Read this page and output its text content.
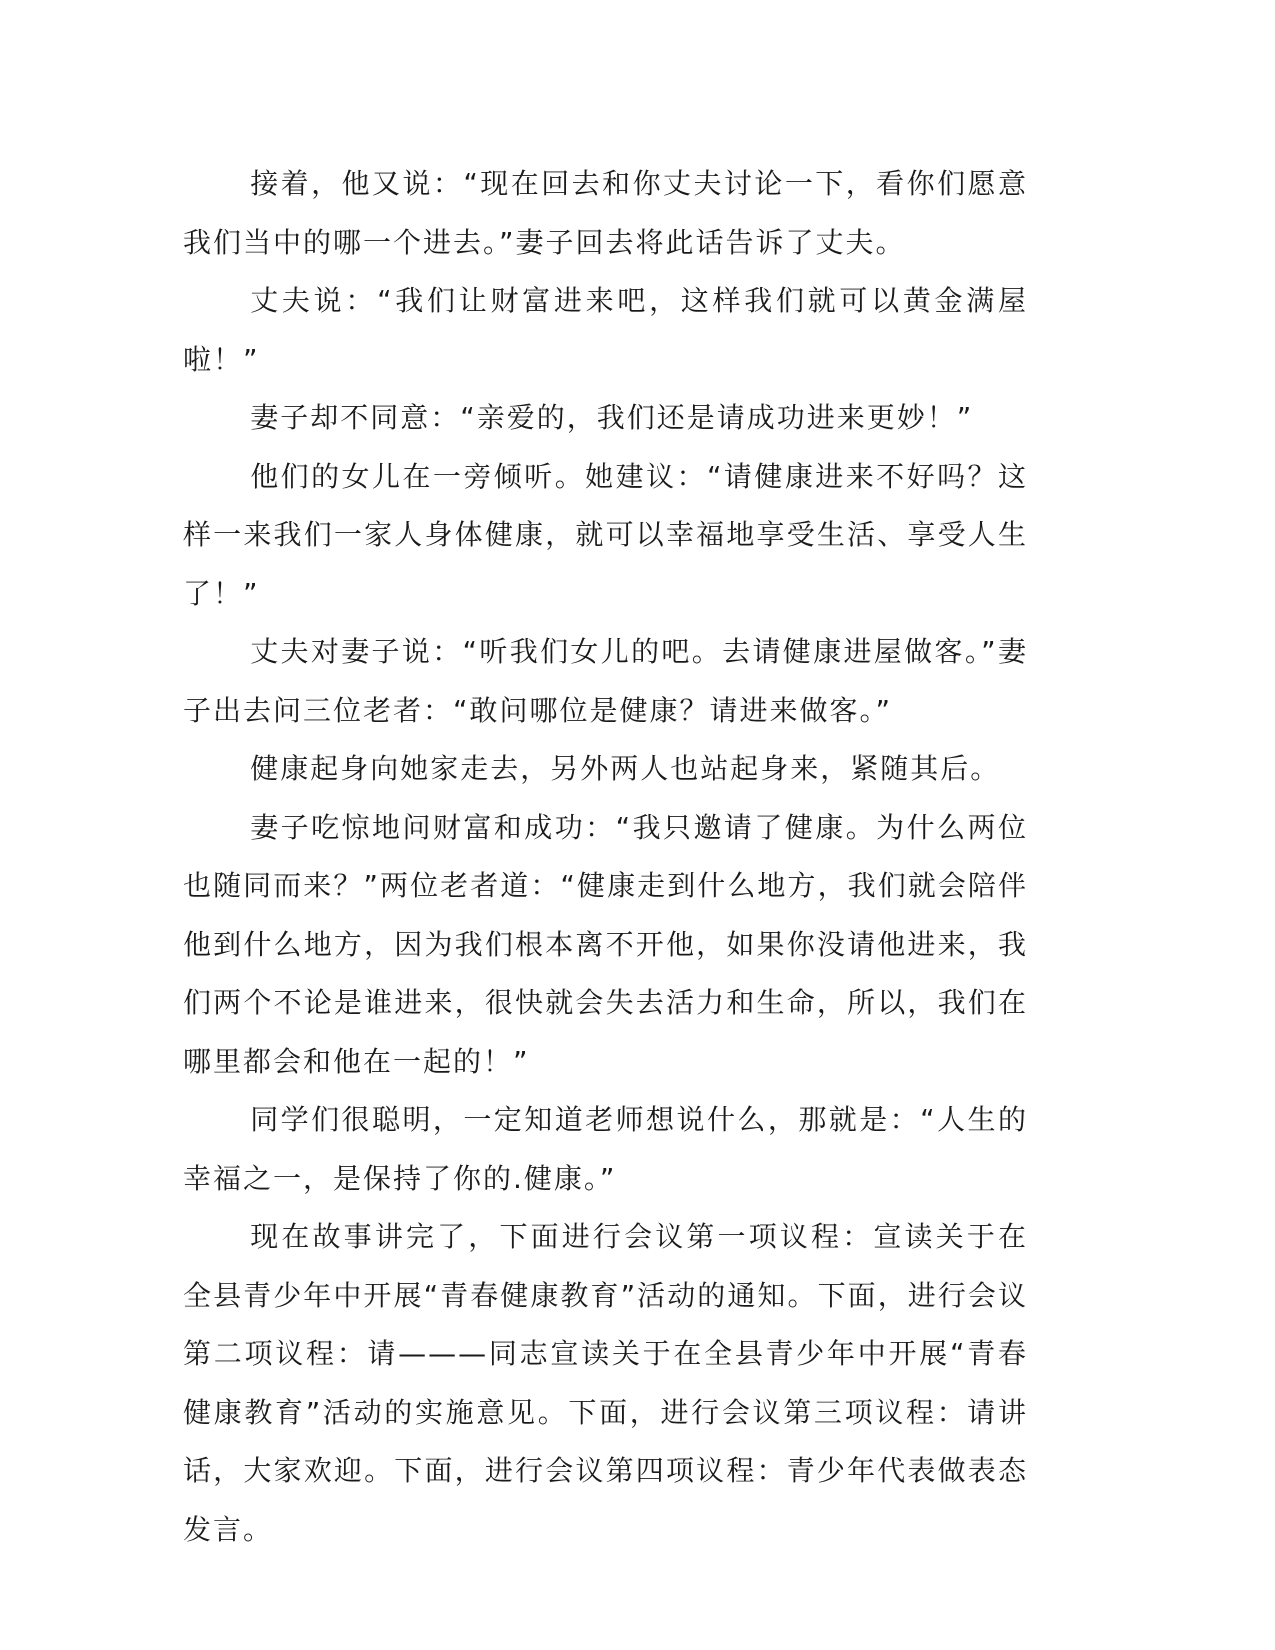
接着，他又说：“现在回去和你丈夫讨论一下，看你们愿意我们当中的哪一个进去。”妻子回去将此话告诉了丈夫。

丈夫说：“我们让财富进来吧，这样我们就可以黄金满屋啦！”

妻子却不同意：“亲爱的，我们还是请成功进来更妙！”

他们的女儿在一旁倾听。她建议：“请健康进来不好吗？这样一来我们一家人身体健康，就可以幸福地享受生活、享受人生了！”

丈夫对妻子说：“听我们女儿的吧。去请健康进屋做客。”妻子出去问三位老者：“敢问哪位是健康？请进来做客。”

健康起身向她家走去，另外两人也站起身来，紧随其后。

妻子吃惊地问财富和成功：“我只邀请了健康。为什么两位也随同而来？”两位老者道：“健康走到什么地方，我们就会陪伴他到什么地方，因为我们根本离不开他，如果你没请他进来，我们两个不论是谁进来，很快就会失去活力和生命，所以，我们在哪里都会和他在一起的！”

同学们很聪明，一定知道老师想说什么，那就是：“人生的幸福之一，是保持了你的.健康。”

现在故事讲完了，下面进行会议第一项议程：宣读关于在全县青少年中开展“青春健康教育”活动的通知。下面，进行会议第二项议程：请———同志宣读关于在全县青少年中开展“青春健康教育”活动的实施意见。下面，进行会议第三项议程：请讲话，大家欢迎。下面，进行会议第四项议程：青少年代表做表态发言。
